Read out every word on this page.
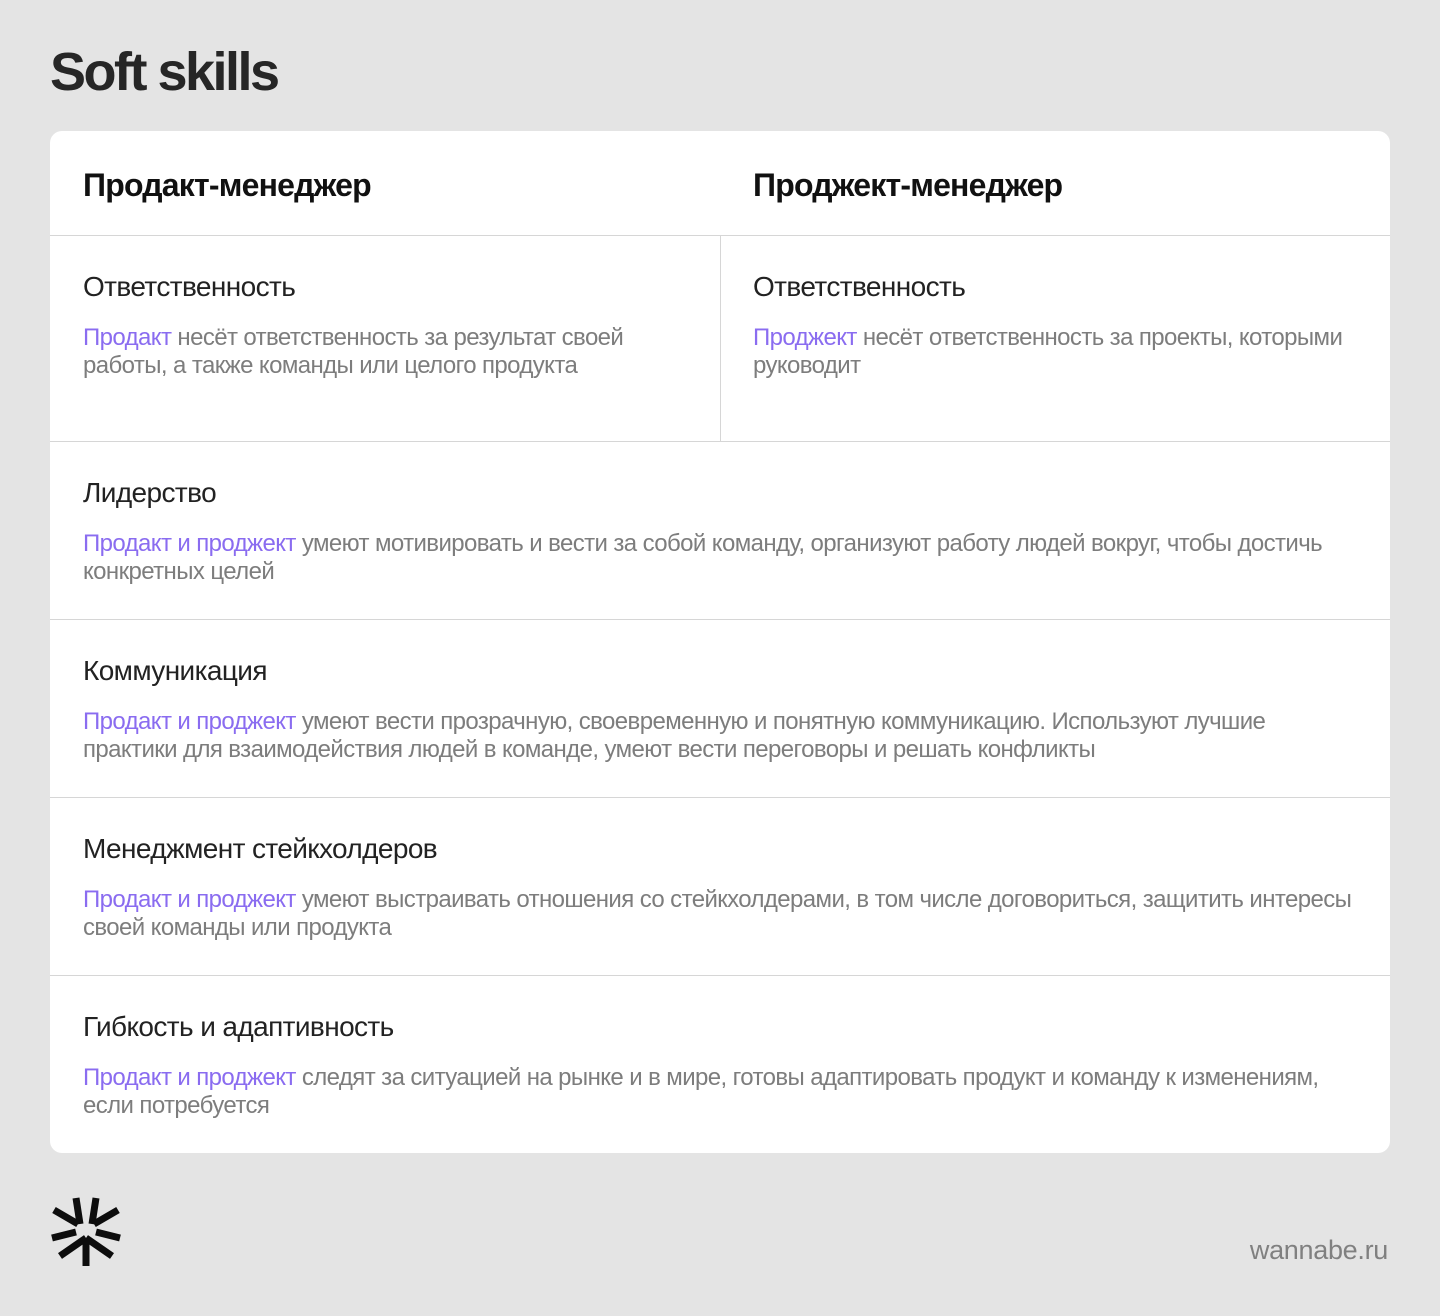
Soft skills
Продакт-менеджер	Проджект-менеджер
Ответственность
Продакт несёт ответственность за результат своей работы, а также команды или целого продукта
Ответственность
Проджект несёт ответственность за проекты, которыми руководит
Лидерство
Продакт и проджект умеют мотивировать и вести за собой команду, организуют работу людей вокруг, чтобы достичь конкретных целей
Коммуникация
Продакт и проджект умеют вести прозрачную, своевременную и понятную коммуникацию. Используют лучшие практики для взаимодействия людей в команде, умеют вести переговоры и решать конфликты
Менеджмент стейкхолдеров
Продакт и проджект умеют выстраивать отношения со стейкхолдерами, в том числе договориться, защитить интересы своей команды или продукта
Гибкость и адаптивность
Продакт и проджект следят за ситуацией на рынке и в мире, готовы адаптировать продукт и команду к изменениям, если потребуется
wannabe.ru
